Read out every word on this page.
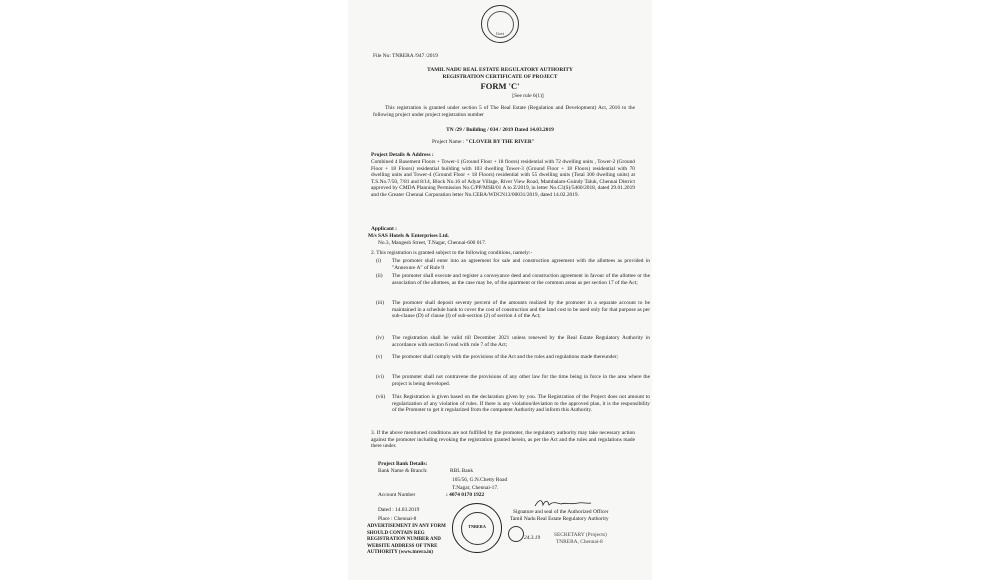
Govt
File No: TNRERA /947 /2019
TAMIL NADU REAL ESTATE REGULATORY AUTHORITY
REGISTRATION CERTIFICATE OF PROJECT
FORM 'C'
[See rule 6(1)]
This registration is granted under section 5 of The Real Estate (Regulation and Development) Act, 2016 to the following project under project registration number
TN /29 / Building / 034 / 2019 Dated 14.03.2019
Project Name : "CLOVER BY THE RIVER"
Project Details & Address :
Combined 4 Basement Floors + Tower-1 (Ground Floor + 18 floors) residential with 72 dwelling units , Tower-2 (Ground Floor + 18 Floors) residential building with 103 dwelling Tower-3 (Ground Floor + 18 Floors) residential with 70 dwelling units and Tower-4 (Ground Floor + 18 Floors) residential with 55 dwelling units (Total 300 dwelling units) at T.S.No.7/50, 7/81 and 8/14, Block No.16 of Adyar Village, River View Road, Mambalam-Guindy Taluk, Chennai District approved by CMDA Planning Permission No.C/PP/MSB/01 A to Z/2019, in letter No.C3(S)/5460/2018, dated 29.01.2019 and the Greater Chennai Corporation letter No.CEBA/WDCN13/00031/2019, dated 14.02.2019.
Applicant :
M/s SAS Hotels & Enterprises Ltd.
No.3, Mangesh Street, T.Nagar, Chennai-600 017.
2. This registration is granted subject to the following conditions, namely:-
(i)	The promoter shall enter into an agreement for sale and construction agreement with the allottees as provided in "Annexure A" of Rule 9
(ii)	The promoter shall execute and register a conveyance deed and construction agreement in favour of the allottee or the association of the allottees, as the case may be, of the apartment or the common areas as per section 17 of the Act;
(iii)	The promoter shall deposit seventy percent of the amounts realized by the promoter in a separate account to be maintained in a schedule bank to cover the cost of construction and the land cost to be used only for that purpose as per sub-clause (D) of clause (l) of sub-section (2) of section 4 of the Act;
(iv)	The registration shall be valid till December 2021 unless renewed by the Real Estate Regulatory Authority in accordance with section 6 read with rule 7 of the Act;
(v)	The promoter shall comply with the provisions of the Act and the rules and regulations made thereunder;
(vi)	The promoter shall not contravene the provisions of any other law for the time being in force in the area where the project is being developed.
(vii)	This Registration is given based on the declaration given by you. The Registration of the Project does not amount to regularization of any violation of rules. If there is any violation/deviation to the approved plan, it is the responsibility of the Promoter to get it regularized from the competent Authority and inform this Authority.
3. If the above mentioned conditions are not fulfilled by the promoter, the regulatory authority may take necessary action against the promoter including revoking the registration granted herein, as per the Act and the rules and regulations made there under.
Project Bank Details:
Bank Name & Branch:	RBL Bank
105/56, G.N.Chetty Road
T.Nagar, Chennai-17.
Account Number	: 4074 0170 1922
Dated : 14.03.2019
Place : Chennai-8
ADVERTISEMENT IN ANY FORM
SHOULD CONTAIN REG
REGISTRATION NUMBER AND
WEBSITE ADDRESS OF TNRE
AUTHORITY (www.tnrera.in)
TNRERA
Signature and seal of the Authorized Officer
Tamil Nadu Real Estate Regulatory Authority
24.3.19	SECRETARY (Projects)
TNRERA, Chennai-8
